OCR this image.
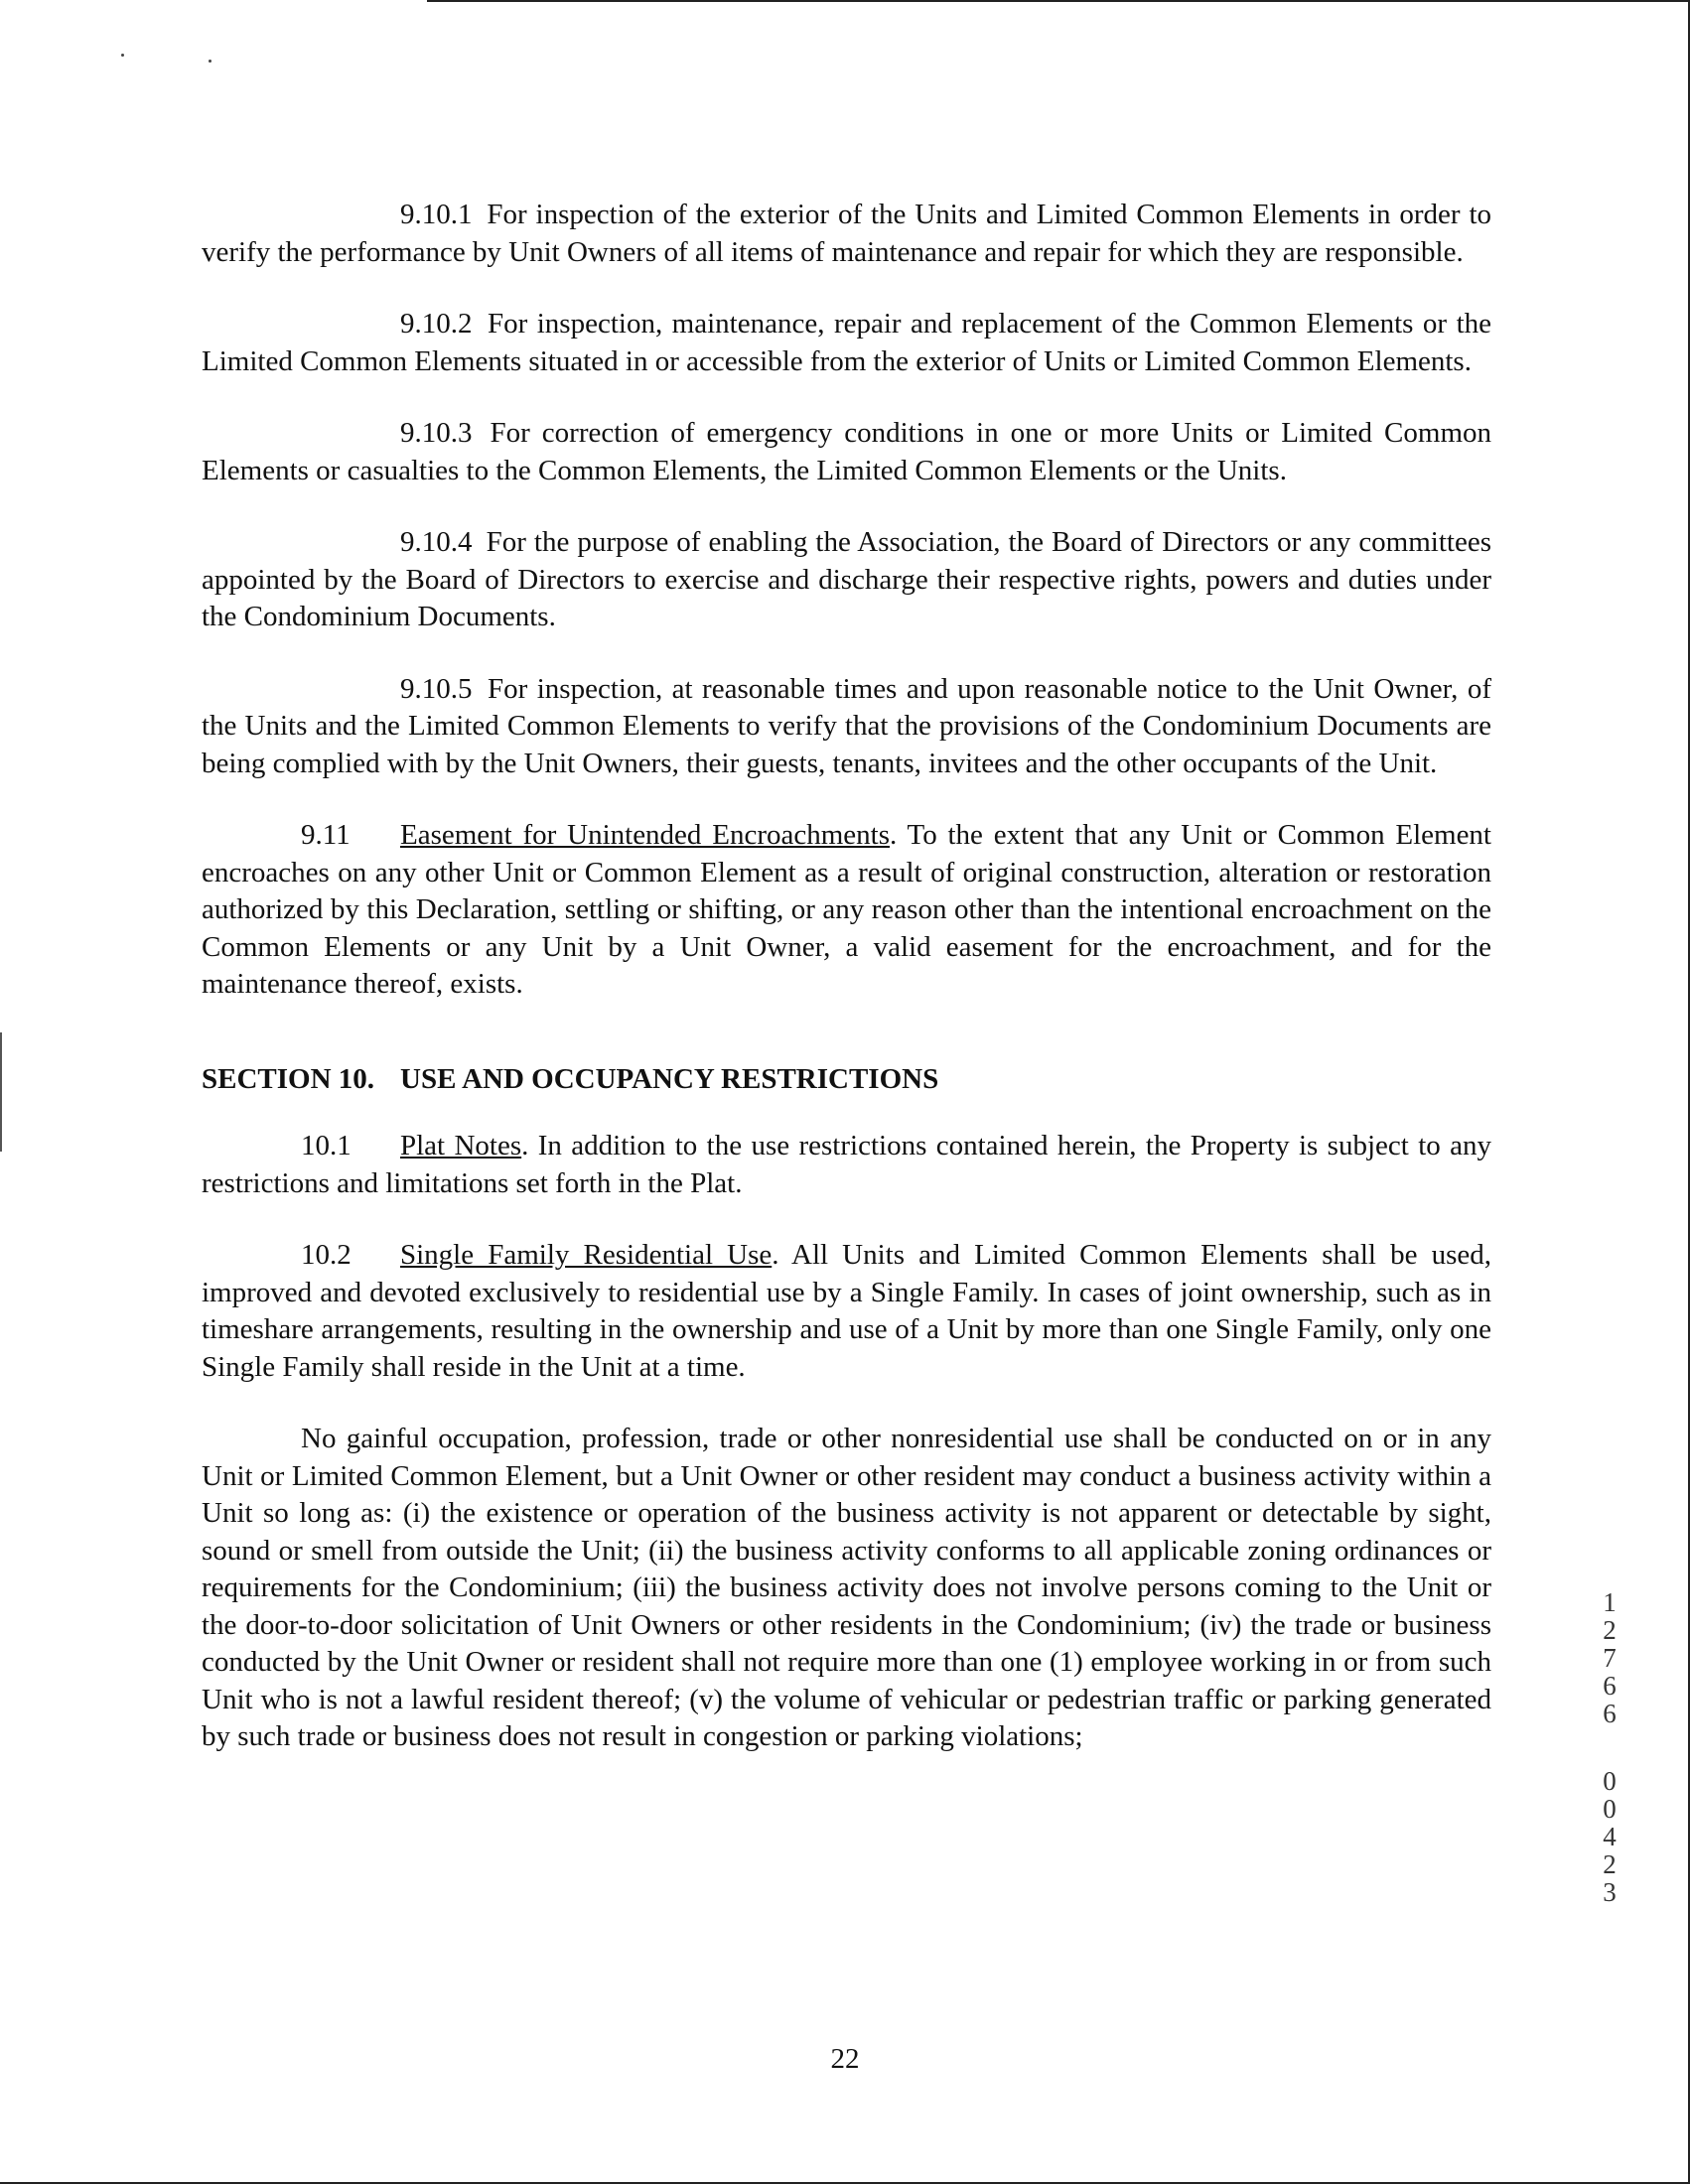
9.10.1 For inspection of the exterior of the Units and Limited Common Elements in order to verify the performance by Unit Owners of all items of maintenance and repair for which they are responsible.

9.10.2 For inspection, maintenance, repair and replacement of the Common Elements or the Limited Common Elements situated in or accessible from the exterior of Units or Limited Common Elements.

9.10.3 For correction of emergency conditions in one or more Units or Limited Common Elements or casualties to the Common Elements, the Limited Common Elements or the Units.

9.10.4 For the purpose of enabling the Association, the Board of Directors or any committees appointed by the Board of Directors to exercise and discharge their respective rights, powers and duties under the Condominium Documents.

9.10.5 For inspection, at reasonable times and upon reasonable notice to the Unit Owner, of the Units and the Limited Common Elements to verify that the provisions of the Condominium Documents are being complied with by the Unit Owners, their guests, tenants, invitees and the other occupants of the Unit.

9.11 Easement for Unintended Encroachments. To the extent that any Unit or Common Element encroaches on any other Unit or Common Element as a result of original construction, alteration or restoration authorized by this Declaration, settling or shifting, or any reason other than the intentional encroachment on the Common Elements or any Unit by a Unit Owner, a valid easement for the encroachment, and for the maintenance thereof, exists.

SECTION 10. USE AND OCCUPANCY RESTRICTIONS

10.1 Plat Notes. In addition to the use restrictions contained herein, the Property is subject to any restrictions and limitations set forth in the Plat.

10.2 Single Family Residential Use. All Units and Limited Common Elements shall be used, improved and devoted exclusively to residential use by a Single Family. In cases of joint ownership, such as in timeshare arrangements, resulting in the ownership and use of a Unit by more than one Single Family, only one Single Family shall reside in the Unit at a time.

No gainful occupation, profession, trade or other nonresidential use shall be conducted on or in any Unit or Limited Common Element, but a Unit Owner or other resident may conduct a business activity within a Unit so long as: (i) the existence or operation of the business activity is not apparent or detectable by sight, sound or smell from outside the Unit; (ii) the business activity conforms to all applicable zoning ordinances or requirements for the Condominium; (iii) the business activity does not involve persons coming to the Unit or the door-to-door solicitation of Unit Owners or other residents in the Condominium; (iv) the trade or business conducted by the Unit Owner or resident shall not require more than one (1) employee working in or from such Unit who is not a lawful resident thereof; (v) the volume of vehicular or pedestrian traffic or parking generated by such trade or business does not result in congestion or parking violations;

1
2
7
6
6
0
0
4
2
3
22
